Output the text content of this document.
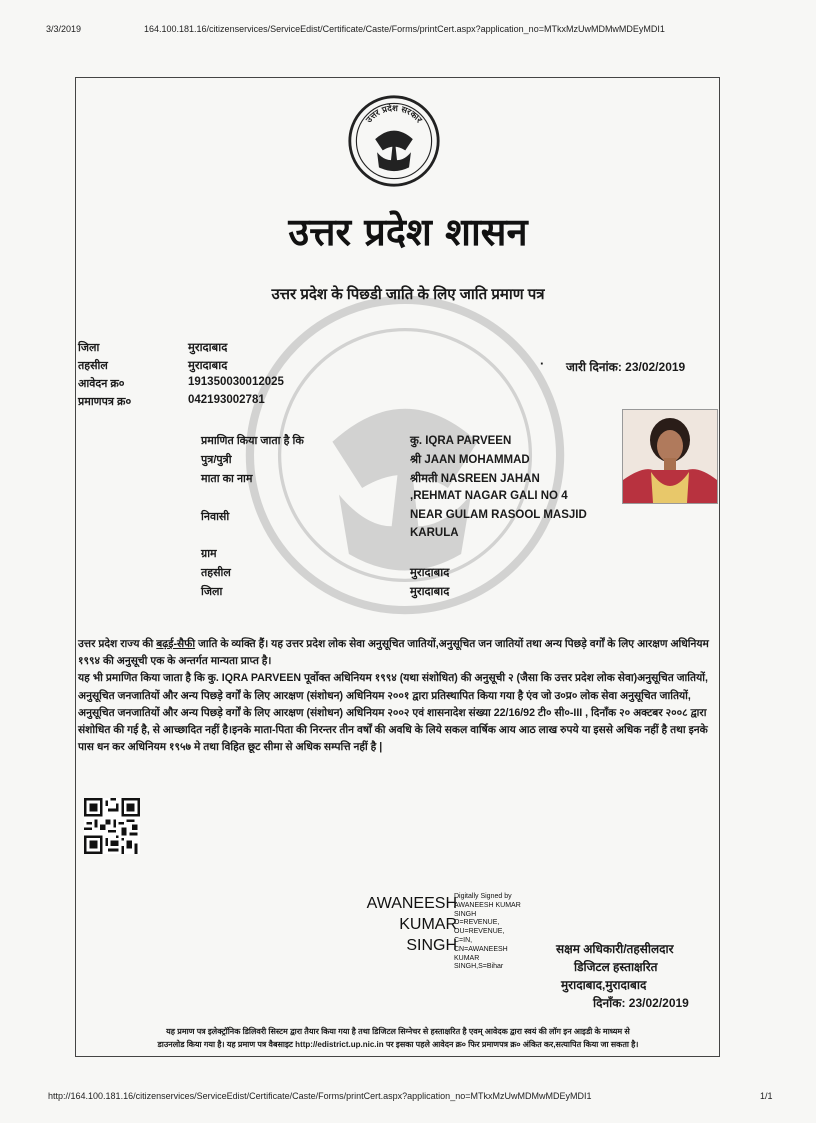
3/3/2019	164.100.181.16/citizenservices/ServiceEdist/Certificate/Caste/Forms/printCert.aspx?application_no=MTkxMzUwMDMwMDEyMDI1
उत्तर प्रदेश सरकार
उत्तर प्रदेश शासन
उत्तर प्रदेश के पिछडी जाति के लिए जाति प्रमाण पत्र
जिला	मुरादाबाद
तहसील	मुरादाबाद
आवेदन क्र०	191350030012025
प्रमाणपत्र क्र०	042193002781
· जारी दिनांक: 23/02/2019
प्रमाणित किया जाता है कि	कु. IQRA PARVEEN
पुत्र/पुत्री	श्री JAAN MOHAMMAD
माता का नाम	श्रीमती NASREEN JAHAN
,REHMAT NAGAR GALI NO 4
निवासी	NEAR GULAM RASOOL MASJID
KARULA
ग्राम
तहसील	मुरादाबाद
जिला	मुरादाबाद

उत्तर प्रदेश राज्य की बढ़ई-सैफी जाति के व्यक्ति हैं। यह उत्तर प्रदेश लोक सेवा अनुसूचित जातियों,अनुसूचित जन जातियों तथा अन्य पिछड़े वर्गों के लिए आरक्षण अधिनियम १९९४ की अनुसूची एक के अन्तर्गत मान्यता प्राप्त है।

यह भी प्रमाणित किया जाता है कि कु. IQRA PARVEEN पूर्वोक्त अधिनियम १९९४ (यथा संशोधित) की अनुसूची २ (जैसा कि उत्तर प्रदेश लोक सेवा)अनुसूचित जातियों, अनुसूचित जनजातियों और अन्य पिछड़े वर्गों के लिए आरक्षण (संशोधन) अधिनियम २००१ द्वारा प्रतिस्थापित किया गया है एंव जो उ०प्र० लोक सेवा अनुसूचित जातियों, अनुसूचित जनजातियों और अन्य पिछड़े वर्गों के लिए आरक्षण (संशोधन) अधिनियम २००२ एवं शासनादेश संख्या 22/16/92 टी० सी०-III , दिनाँक २० अक्टबर २००८ द्वारा संशोधित की गई है, से आच्छादित नहीं है।इनके माता-पिता की निरन्तर तीन वर्षों की अवधि के लिये सकल वार्षिक आय आठ लाख रुपये या इससे अधिक नहीं है तथा इनके पास धन कर अधिनियम १९५७ मे तथा विहित छूट सीमा से अधिक सम्पत्ति नहीं है |

AWANEESH
KUMAR
SINGH
Digitally Signed by
AWANEESH KUMAR
SINGH
O=REVENUE,
OU=REVENUE,
C=IN,
CN=AWANEESH
KUMAR
SINGH,S=Bihar
सक्षम अधिकारी/तहसीलदार
डिजिटल हस्ताक्षरित
मुरादाबाद,मुरादाबाद
दिनाँक: 23/02/2019
यह प्रमाण पत्र इलेक्ट्रॉनिक डिलिवरी सिस्टम द्वारा तैयार किया गया है तथा डिजिटल सिग्नेचर से हस्ताक्षरित है एवम् आवेदक द्वारा स्वयं की लॉग इन आइडी के माध्यम से
डाउनलोड किया गया है। यह प्रमाण पत्र वैबसाइट http://edistrict.up.nic.in पर इसका पहले आवेदन क्र० फिर प्रमाणपत्र क्र० अंकित कर,सत्यापित किया जा सकता है।
http://164.100.181.16/citizenservices/ServiceEdist/Certificate/Caste/Forms/printCert.aspx?application_no=MTkxMzUwMDMwMDEyMDI1	1/1
